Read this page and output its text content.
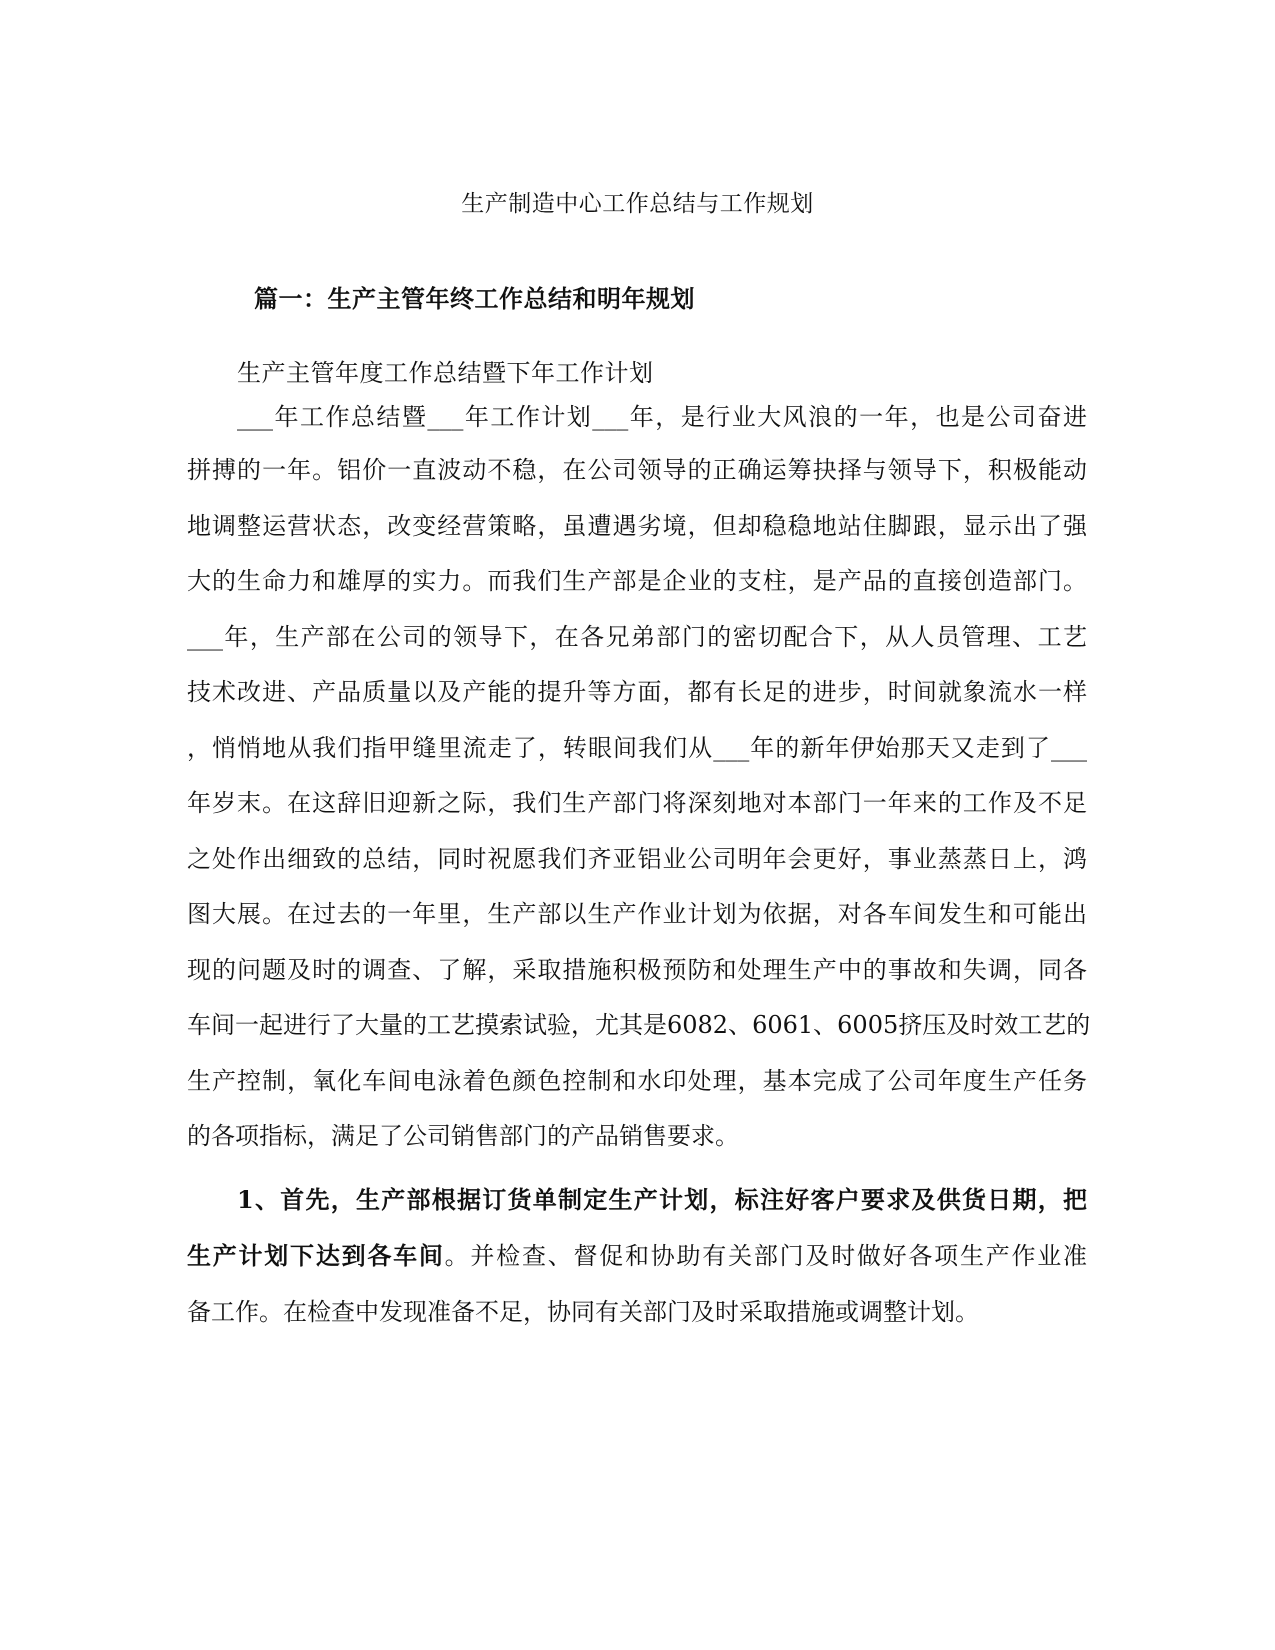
生产制造中心工作总结与工作规划
篇一：生产主管年终工作总结和明年规划
生产主管年度工作总结暨下年工作计划
___年工作总结暨___年工作计划___年，是行业大风浪的一年，也是公司奋进
拼搏的一年。铝价一直波动不稳，在公司领导的正确运筹抉择与领导下，积极能动
地调整运营状态，改变经营策略，虽遭遇劣境，但却稳稳地站住脚跟，显示出了强
大的生命力和雄厚的实力。而我们生产部是企业的支柱，是产品的直接创造部门。
___年，生产部在公司的领导下，在各兄弟部门的密切配合下，从人员管理、工艺
技术改进、产品质量以及产能的提升等方面，都有长足的进步，时间就象流水一样
，悄悄地从我们指甲缝里流走了，转眼间我们从___年的新年伊始那天又走到了___
年岁末。在这辞旧迎新之际，我们生产部门将深刻地对本部门一年来的工作及不足
之处作出细致的总结，同时祝愿我们齐亚铝业公司明年会更好，事业蒸蒸日上，鸿
图大展。在过去的一年里，生产部以生产作业计划为依据，对各车间发生和可能出
现的问题及时的调查、了解，采取措施积极预防和处理生产中的事故和失调，同各
车间一起进行了大量的工艺摸索试验，尤其是6082、6061、6005挤压及时效工艺的
生产控制，氧化车间电泳着色颜色控制和水印处理，基本完成了公司年度生产任务
的各项指标，满足了公司销售部门的产品销售要求。
1、首先，生产部根据订货单制定生产计划，标注好客户要求及供货日期，把
生产计划下达到各车间。并检查、督促和协助有关部门及时做好各项生产作业准
备工作。在检查中发现准备不足，协同有关部门及时采取措施或调整计划。
